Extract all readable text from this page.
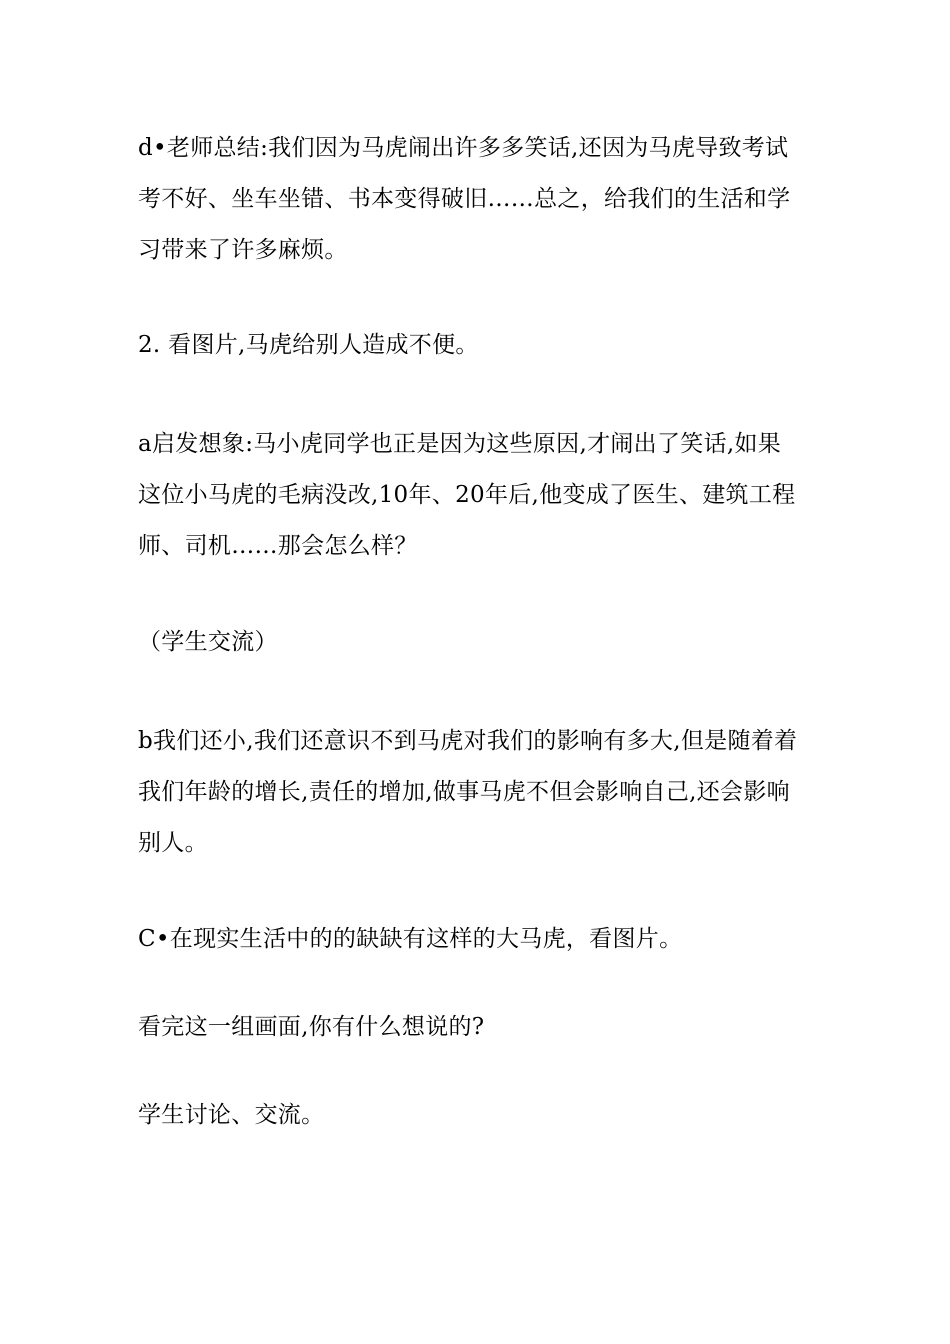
d•老师总结:我们因为马虎闹出许多多笑话,还因为马虎导致考试
考不好、坐车坐错、书本变得破旧……总之，给我们的生活和学
习带来了许多麻烦。

2. 看图片,马虎给别人造成不便。

a启发想象:马小虎同学也正是因为这些原因,才闹出了笑话,如果
这位小马虎的毛病没改,10年、20年后,他变成了医生、建筑工程
师、司机……那会怎么样？

（学生交流）

b我们还小,我们还意识不到马虎对我们的影响有多大,但是随着着
我们年龄的增长,责任的增加,做事马虎不但会影响自己,还会影响
别人。

C•在现实生活中的的缺缺有这样的大马虎，看图片。

看完这一组画面,你有什么想说的?

学生讨论、交流。
